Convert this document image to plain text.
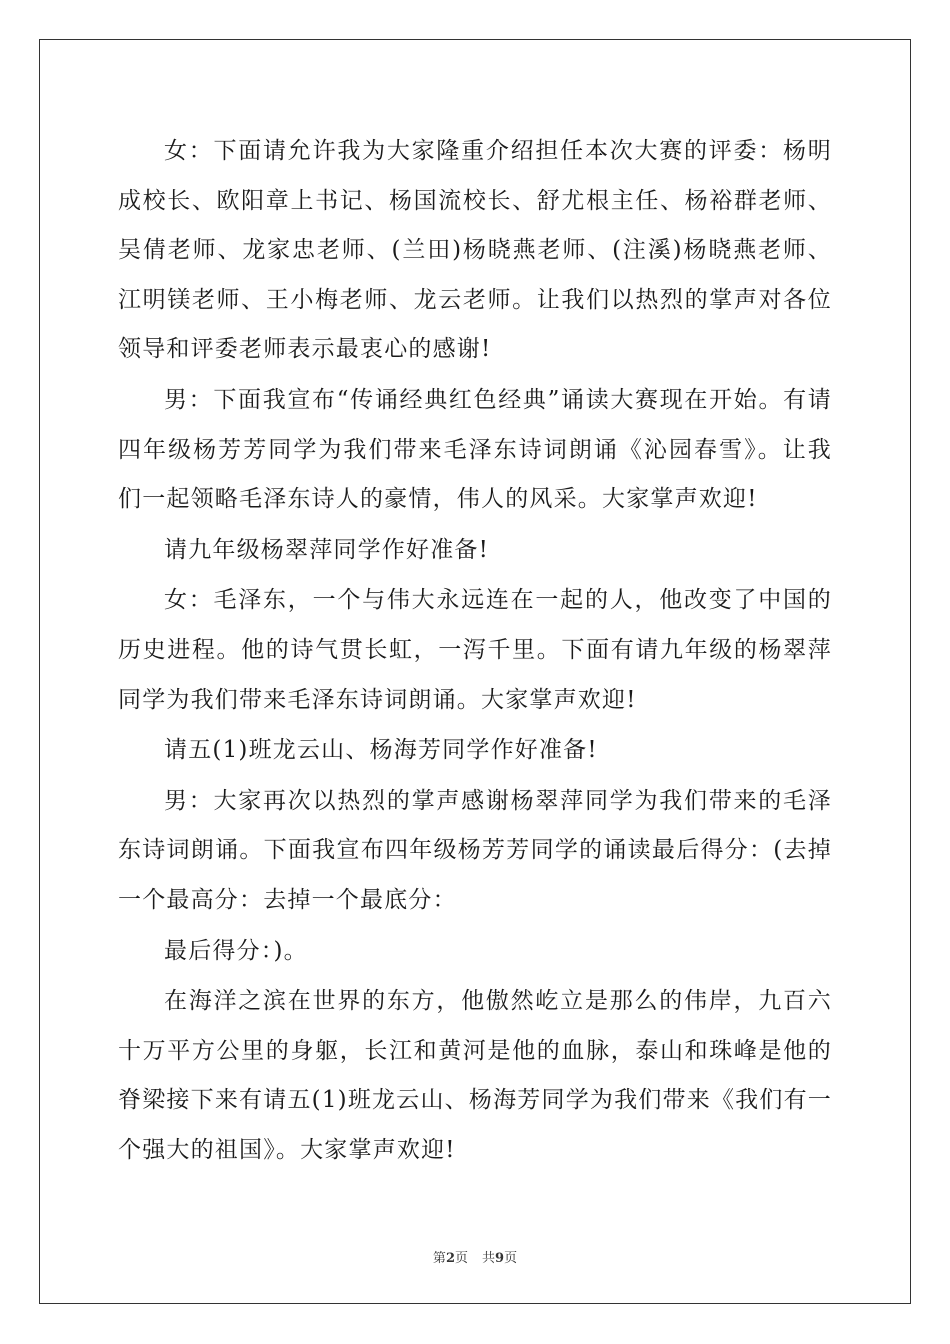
女：下面请允许我为大家隆重介绍担任本次大赛的评委：杨明成校长、欧阳章上书记、杨国流校长、舒尤根主任、杨裕群老师、吴倩老师、龙家忠老师、(兰田)杨晓燕老师、(注溪)杨晓燕老师、江明镁老师、王小梅老师、龙云老师。让我们以热烈的掌声对各位领导和评委老师表示最衷心的感谢!

男：下面我宣布“传诵经典红色经典”诵读大赛现在开始。有请四年级杨芳芳同学为我们带来毛泽东诗词朗诵《沁园春雪》。让我们一起领略毛泽东诗人的豪情，伟人的风采。大家掌声欢迎!

请九年级杨翠萍同学作好准备!

女：毛泽东，一个与伟大永远连在一起的人，他改变了中国的历史进程。他的诗气贯长虹，一泻千里。下面有请九年级的杨翠萍同学为我们带来毛泽东诗词朗诵。大家掌声欢迎!

请五(1)班龙云山、杨海芳同学作好准备!

男：大家再次以热烈的掌声感谢杨翠萍同学为我们带来的毛泽东诗词朗诵。下面我宣布四年级杨芳芳同学的诵读最后得分：(去掉一个最高分：去掉一个最底分：

最后得分：)。

在海洋之滨在世界的东方，他傲然屹立是那么的伟岸，九百六十万平方公里的身躯，长江和黄河是他的血脉，泰山和珠峰是他的脊梁接下来有请五(1)班龙云山、杨海芳同学为我们带来《我们有一个强大的祖国》。大家掌声欢迎!

第2页 共9页
